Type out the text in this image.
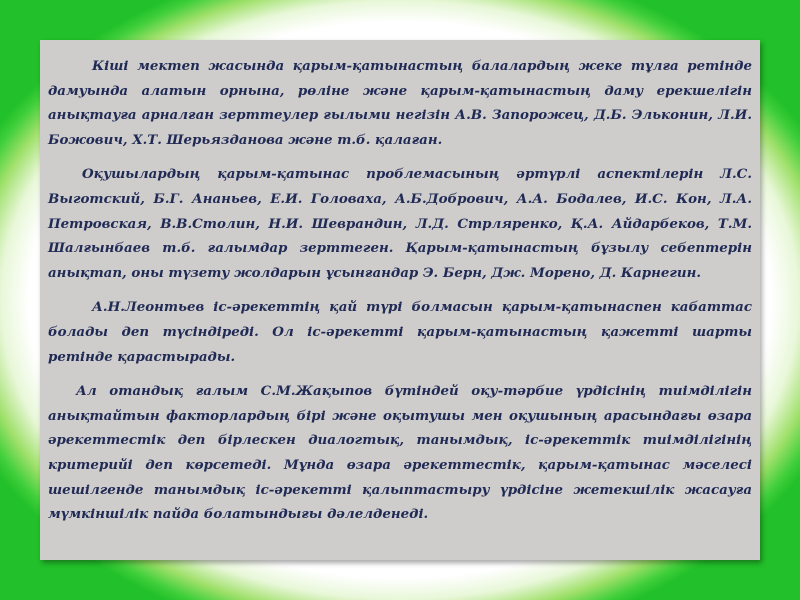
Кіші мектеп жасында қарым-қатынастың балалардың жеке тұлға ретінде дамуында алатын орнына, рөліне және қарым-қатынастың даму ерекшелігін анықтауға арналған зерттеулер ғылыми негізін А.В. Запорожец, Д.Б. Эльконин, Л.И. Божович, Х.Т. Шерьязданова және т.б. қалаған.

Оқушылардың қарым-қатынас проблемасының әртүрлі аспектілерін Л.С. Выготский, Б.Г. Ананьев, Е.И. Головаха, А.Б.Добрович, А.А. Бодалев, И.С. Кон, Л.А. Петровская, В.В.Столин, Н.И. Шеврандин, Л.Д. Стрляренко, Қ.А. Айдарбеков, Т.М. Шалғынбаев т.б. ғалымдар зерттеген. Қарым-қатынастың бұзылу себептерін анықтап, оны түзету жолдарын ұсынғандар Э. Берн, Дж. Морено, Д. Карнегин.

А.Н.Леонтьев іс-әрекеттің қай түрі болмасын қарым-қатынаспен кабаттас болады деп түсіндіреді. Ол іс-әрекетті қарым-қатынастың қажетті шарты ретінде қарастырады.

Ал отандық ғалым С.М.Жақыпов бүтіндей оқу-тәрбие үрдісінің тиімділігін анықтайтын факторлардың бірі және оқытушы мен оқушының арасындағы өзара әрекеттестік деп бірлескен диалогтық, танымдық, іс-әрекеттік тиімділігінің критерийі деп көрсетеді. Мұнда өзара әрекеттестік, қарым-қатынас мәселесі шешілгенде танымдық іс-әрекетті қалыптастыру үрдісіне жетекшілік жасауға мүмкіншілік пайда болатындығы дәлелденеді.
